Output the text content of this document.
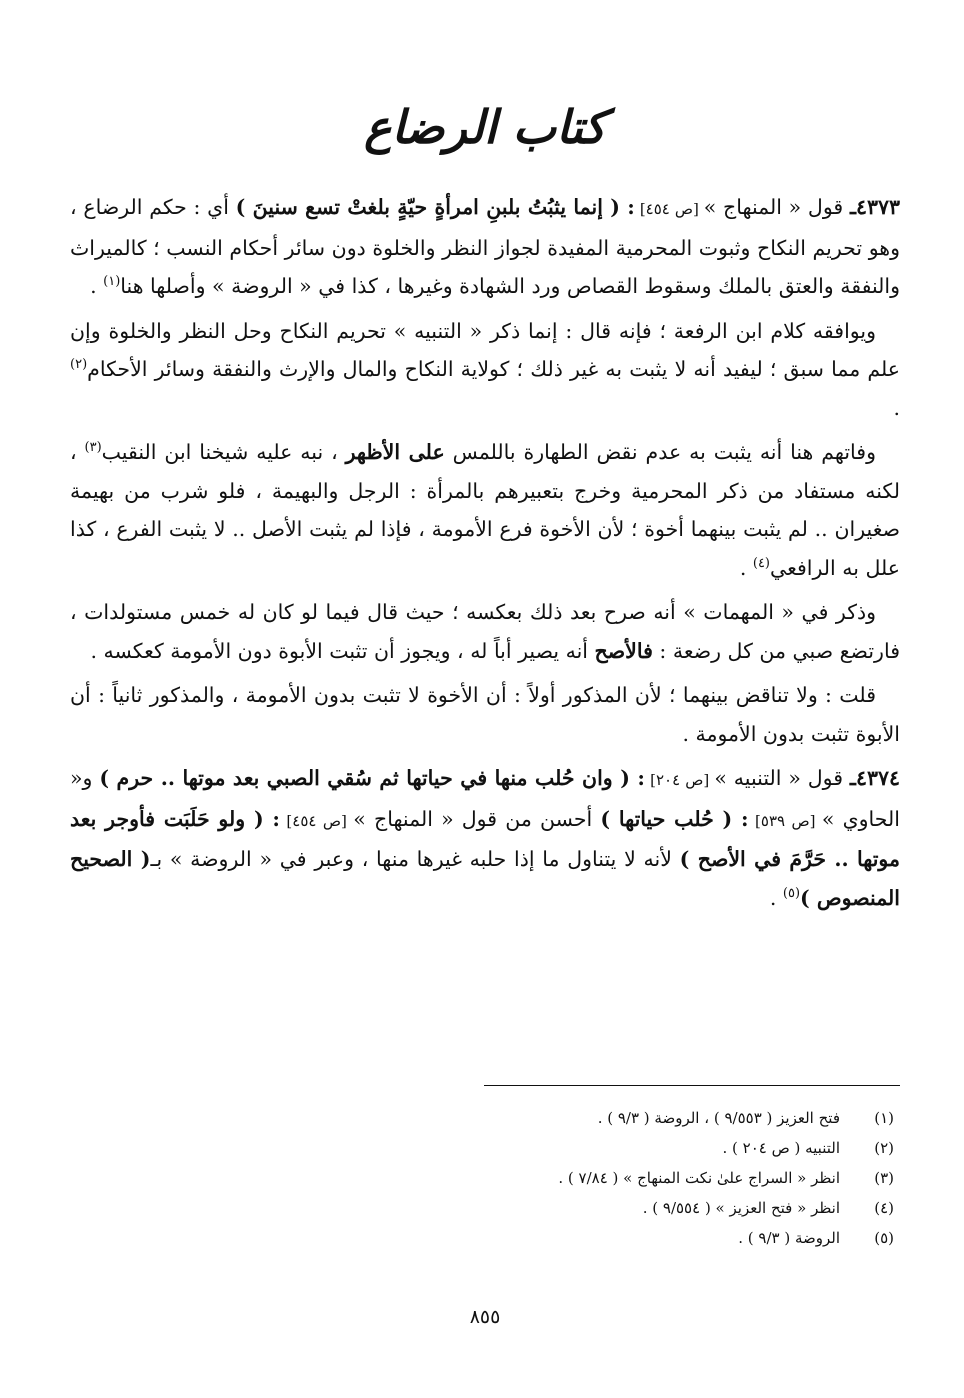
كتاب الرضاع

٤٣٧٣ـ قول « المنهاج » [ص ٤٥٤] : ( إنما يثبُتُ بلبنِ امرأةٍ حيّةٍ بلغتْ تسع سنينَ ) أي : حكم الرضاع ، وهو تحريم النكاح وثبوت المحرمية المفيدة لجواز النظر والخلوة دون سائر أحكام النسب ؛ كالميراث والنفقة والعتق بالملك وسقوط القصاص ورد الشهادة وغيرها ، كذا في « الروضة » وأصلها هنا$^{(١)}$ .

ويوافقه كلام ابن الرفعة ؛ فإنه قال : إنما ذكر « التنبيه » تحريم النكاح وحل النظر والخلوة وإن علم مما سبق ؛ ليفيد أنه لا يثبت به غير ذلك ؛ كولاية النكاح والمال والإرث والنفقة وسائر الأحكام$^{(٢)}$ .

وفاتهم هنا أنه يثبت به عدم نقض الطهارة باللمس على الأظهر ، نبه عليه شيخنا ابن النقيب$^{(٣)}$ ، لكنه مستفاد من ذكر المحرمية وخرج بتعبيرهم بالمرأة : الرجل والبهيمة ، فلو شرب من بهيمة صغيران .. لم يثبت بينهما أخوة ؛ لأن الأخوة فرع الأمومة ، فإذا لم يثبت الأصل .. لا يثبت الفرع ، كذا علل به الرافعي$^{(٤)}$ .

وذكر في « المهمات » أنه صرح بعد ذلك بعكسه ؛ حيث قال فيما لو كان له خمس مستولدات ، فارتضع صبي من كل رضعة : فالأصح أنه يصير أباً له ، ويجوز أن تثبت الأبوة دون الأمومة كعكسه .

قلت : ولا تناقض بينهما ؛ لأن المذكور أولاً : أن الأخوة لا تثبت بدون الأمومة ، والمذكور ثانياً : أن الأبوة تثبت بدون الأمومة .

٤٣٧٤ـ قول « التنبيه » [ص ٢٠٤] : ( وان حُلب منها في حياتها ثم سُقي الصبي بعد موتها .. حرم ) و« الحاوي » [ص ٥٣٩] : ( حُلب حياتها ) أحسن من قول « المنهاج » [ص ٤٥٤] : ( ولو حَلَبَت فأوجر بعد موتها .. حَرَّمَ في الأصح ) لأنه لا يتناول ما إذا حلبه غيرها منها ، وعبر في « الروضة » بـ( الصحيح المنصوص )$^{(٥)}$ .

(١)
فتح العزيز ( ٩/٥٥٣ ) ، الروضة ( ٩/٣ ) .
(٢)
التنبيه ( ص ٢٠٤ ) .
(٣)
انظر « السراج علىٰ نكت المنهاج » ( ٧/٨٤ ) .
(٤)
انظر « فتح العزيز » ( ٩/٥٥٤ ) .
(٥)
الروضة ( ٩/٣ ) .
٨٥٥
